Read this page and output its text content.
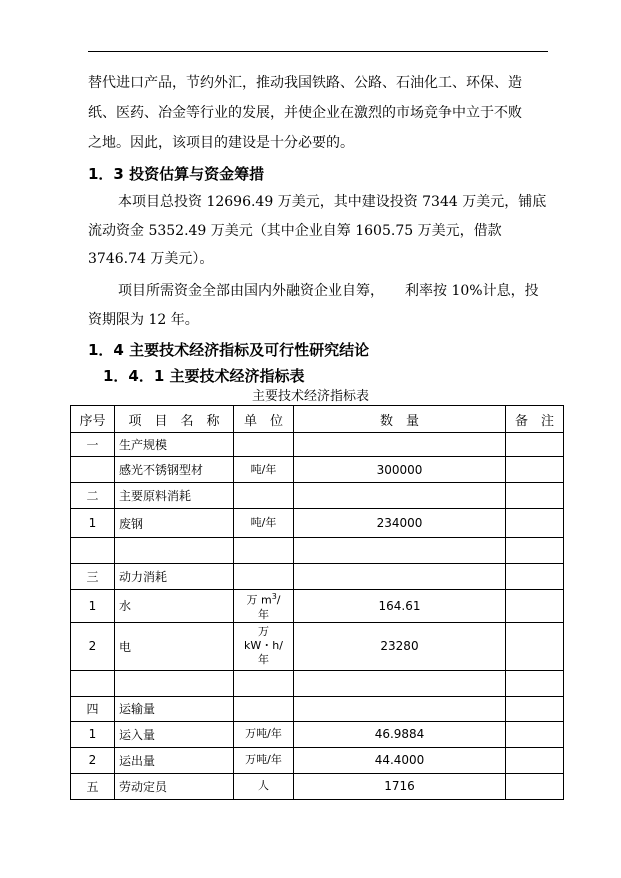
替代进口产品，节约外汇，推动我国铁路、公路、石油化工、环保、造
纸、医药、冶金等行业的发展，并使企业在激烈的市场竞争中立于不败
之地。因此，该项目的建设是十分必要的。
1．3 投资估算与资金筹措
本项目总投资 12696.49 万美元，其中建设投资 7344 万美元，铺底
流动资金 5352.49 万美元（其中企业自筹 1605.75 万美元，借款
3746.74 万美元）。
项目所需资金全部由国内外融资企业自筹，　　利率按 10%计息，投
资期限为 12 年。
1．4 主要技术经济指标及可行性研究结论
1．4．1 主要技术经济指标表
主要技术经济指标表
序号	项　目　名　称	单　位	数　量	备　注
一	生产规模			
	感光不锈钢型材	吨/年	300000	
二	主要原料消耗			
1	废钢	吨/年	234000	

三	动力消耗			
1	水	万 $m^3/$
年	164.61	
2	电	万
kW・h/
年	23280	

四	运输量			
1	运入量	万吨/年	46.9884	
2	运出量	万吨/年	44.4000	
五	劳动定员	人	1716	
